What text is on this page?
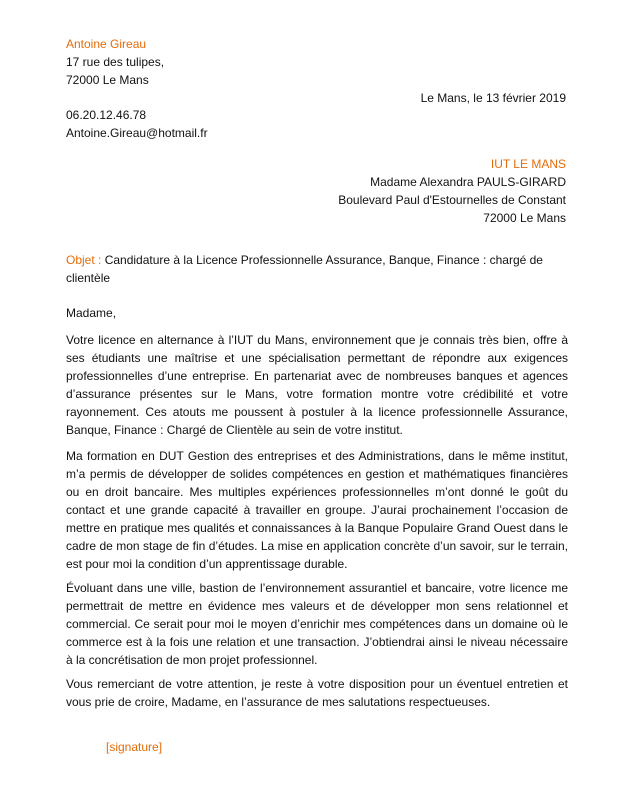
Antoine Gireau
17 rue des tulipes,
72000 Le Mans
Le Mans, le 13 février 2019
06.20.12.46.78
Antoine.Gireau@hotmail.fr
IUT LE MANS
Madame Alexandra PAULS-GIRARD
Boulevard Paul d'Estournelles de Constant
72000 Le Mans
Objet : Candidature à la Licence Professionnelle Assurance, Banque, Finance : chargé de
clientèle
Madame,
Votre licence en alternance à l’IUT du Mans, environnement que je connais très bien, offre à
ses étudiants une maîtrise et une spécialisation permettant de répondre aux exigences
professionnelles d’une entreprise. En partenariat avec de nombreuses banques et agences
d’assurance présentes sur le Mans, votre formation montre votre crédibilité et votre
rayonnement. Ces atouts me poussent à postuler à la licence professionnelle Assurance,
Banque, Finance : Chargé de Clientèle au sein de votre institut.
Ma formation en DUT Gestion des entreprises et des Administrations, dans le même institut,
m’a permis de développer de solides compétences en gestion et mathématiques financières
ou en droit bancaire. Mes multiples expériences professionnelles m’ont donné le goût du
contact et une grande capacité à travailler en groupe. J’aurai prochainement l’occasion de
mettre en pratique mes qualités et connaissances à la Banque Populaire Grand Ouest dans le
cadre de mon stage de fin d’études. La mise en application concrète d’un savoir, sur le terrain,
est pour moi la condition d’un apprentissage durable.
Évoluant dans une ville, bastion de l’environnement assurantiel et bancaire, votre licence me
permettrait de mettre en évidence mes valeurs et de développer mon sens relationnel et
commercial. Ce serait pour moi le moyen d’enrichir mes compétences dans un domaine où le
commerce est à la fois une relation et une transaction. J’obtiendrai ainsi le niveau nécessaire
à la concrétisation de mon projet professionnel.
Vous remerciant de votre attention, je reste à votre disposition pour un éventuel entretien et
vous prie de croire, Madame, en l’assurance de mes salutations respectueuses.
[signature]
